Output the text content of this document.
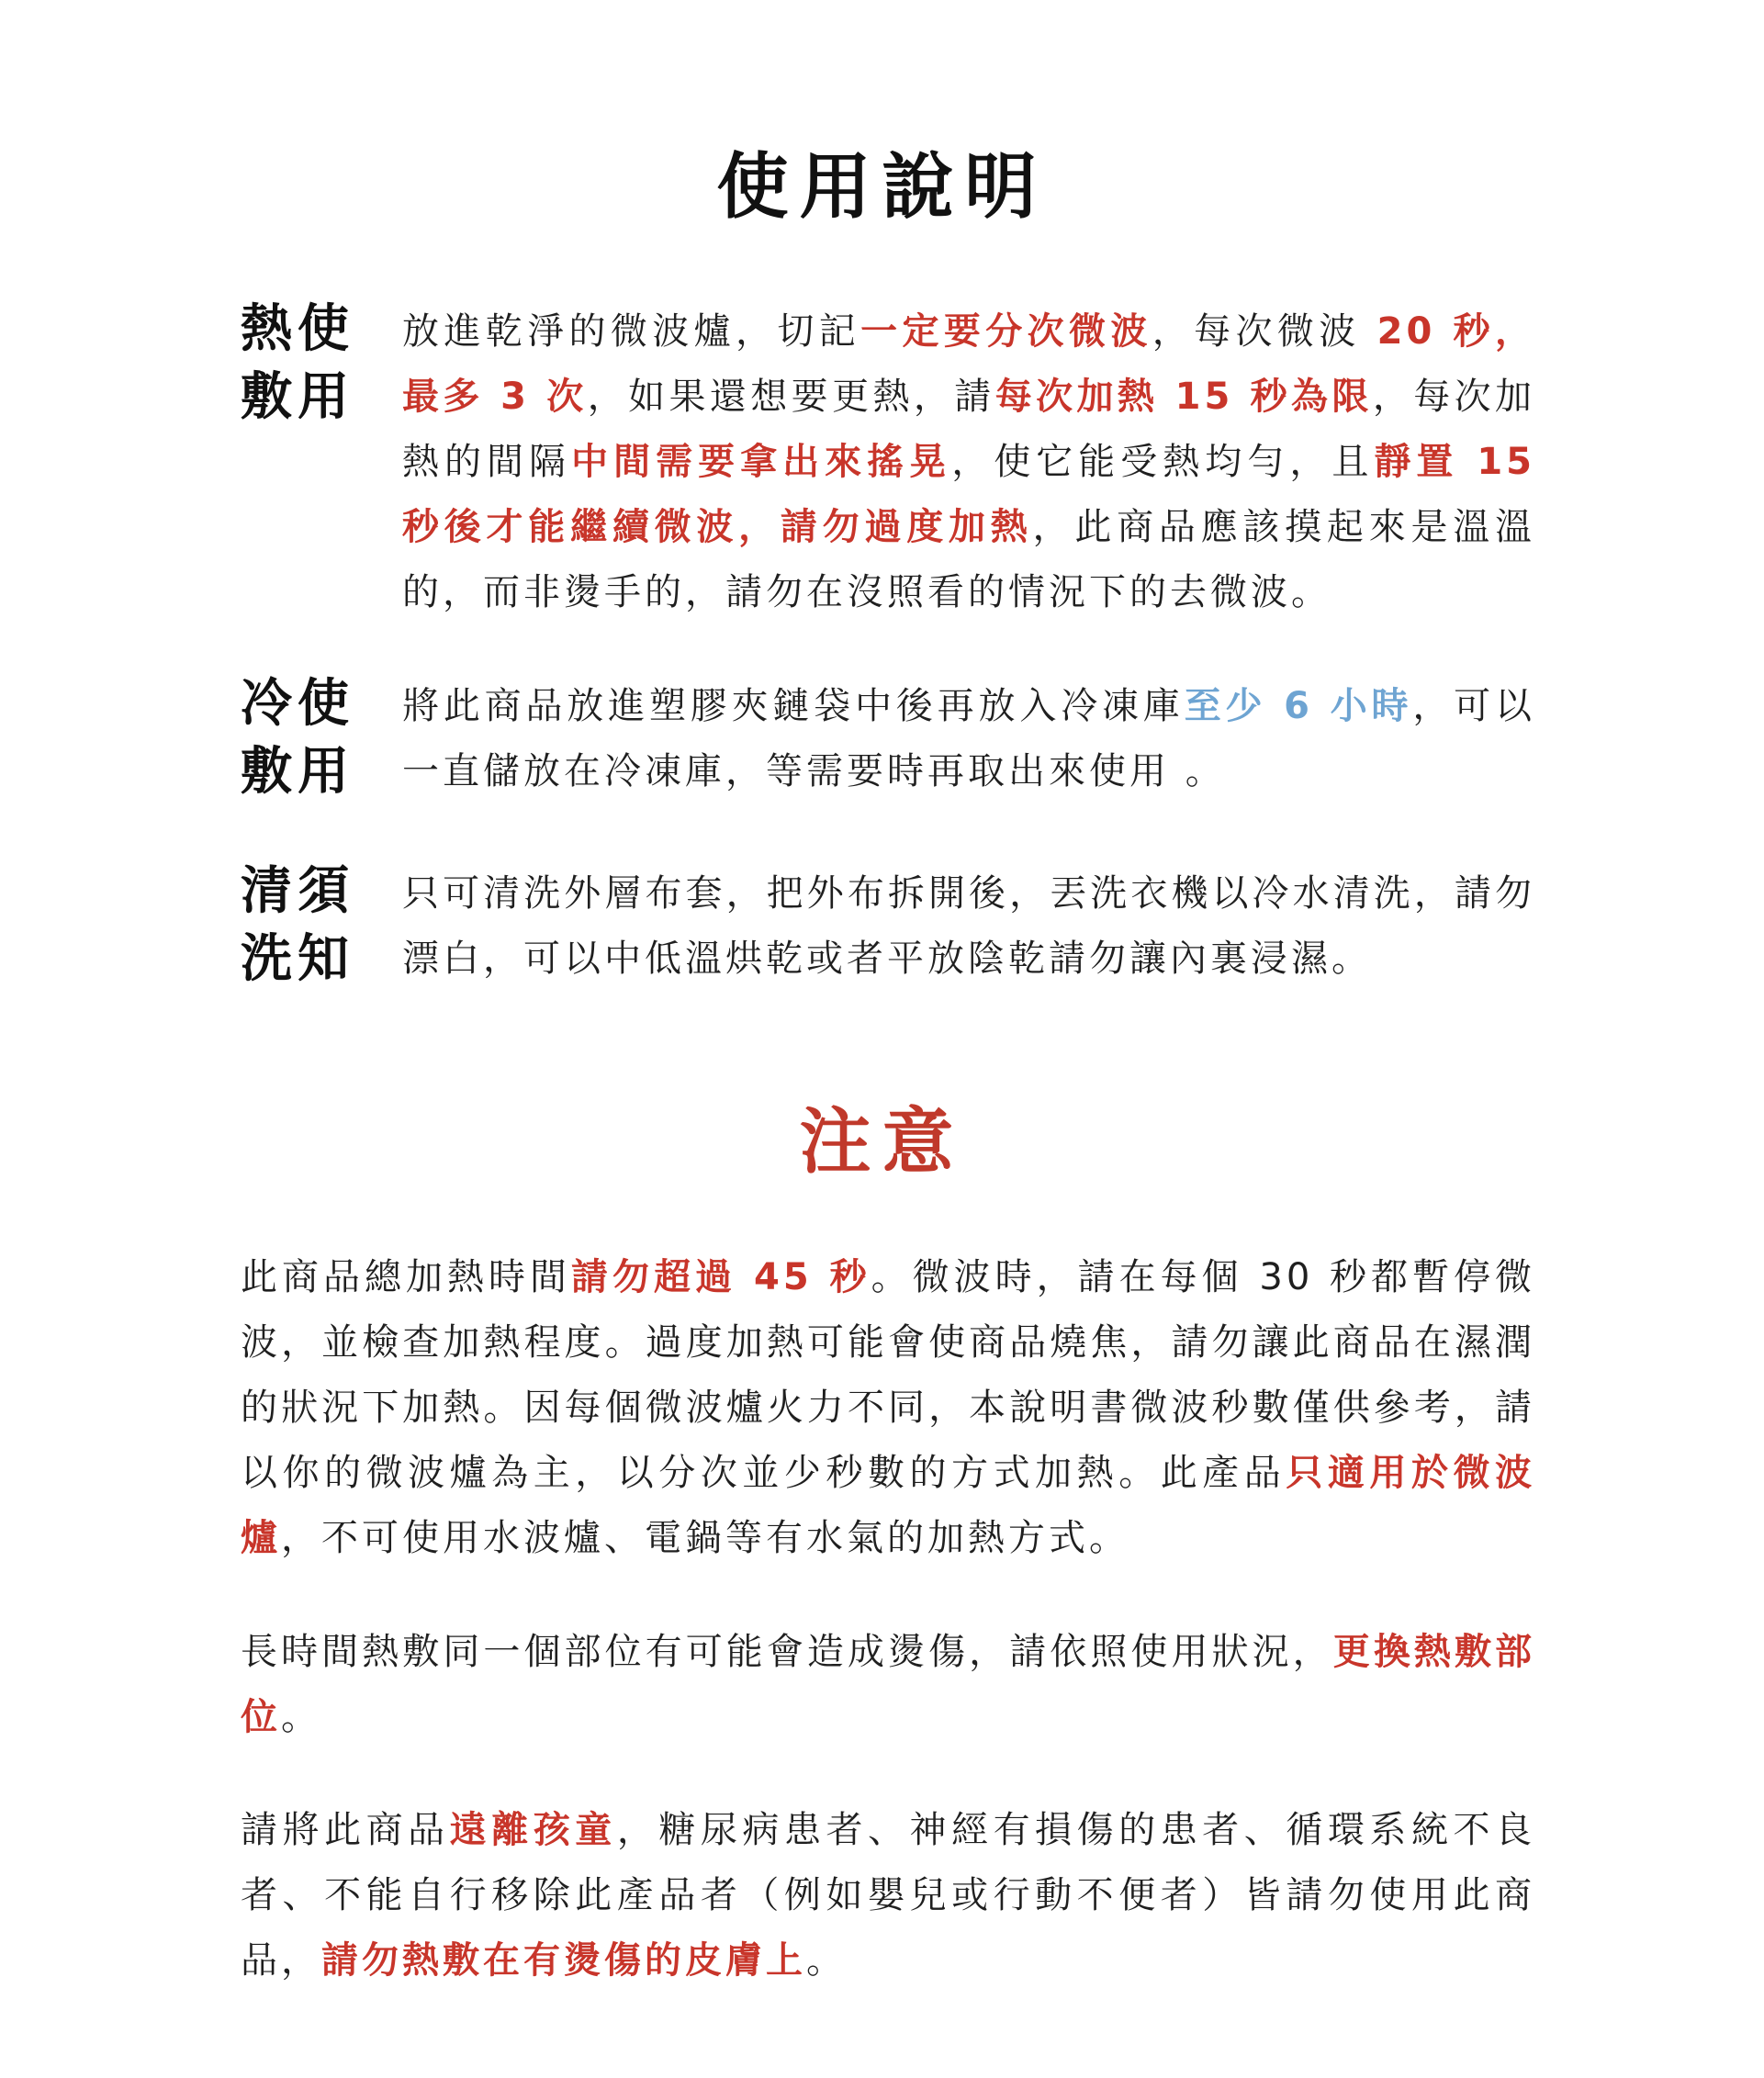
使用說明
熱使
敷用
放進乾淨的微波爐，切記一定要分次微波，每次微波 20 秒，最多 3 次，如果還想要更熱，請每次加熱 15 秒為限，每次加熱的間隔中間需要拿出來搖晃，使它能受熱均勻，且靜置 15 秒後才能繼續微波，請勿過度加熱，此商品應該摸起來是溫溫的，而非燙手的，請勿在沒照看的情況下的去微波。
冷使
敷用
將此商品放進塑膠夾鏈袋中後再放入冷凍庫至少 6 小時，可以一直儲放在冷凍庫，等需要時再取出來使用 。
清須
洗知
只可清洗外層布套，把外布拆開後，丟洗衣機以冷水清洗，請勿漂白，可以中低溫烘乾或者平放陰乾請勿讓內裏浸濕。
注意
此商品總加熱時間請勿超過 45 秒。微波時，請在每個 30 秒都暫停微波，並檢查加熱程度。過度加熱可能會使商品燒焦，請勿讓此商品在濕潤的狀況下加熱。因每個微波爐火力不同，本說明書微波秒數僅供參考，請以你的微波爐為主，以分次並少秒數的方式加熱。此產品只適用於微波爐，不可使用水波爐、電鍋等有水氣的加熱方式。
長時間熱敷同一個部位有可能會造成燙傷，請依照使用狀況，更換熱敷部位。
請將此商品遠離孩童，糖尿病患者、神經有損傷的患者、循環系統不良者、不能自行移除此產品者（例如嬰兒或行動不便者）皆請勿使用此商品，請勿熱敷在有燙傷的皮膚上。
